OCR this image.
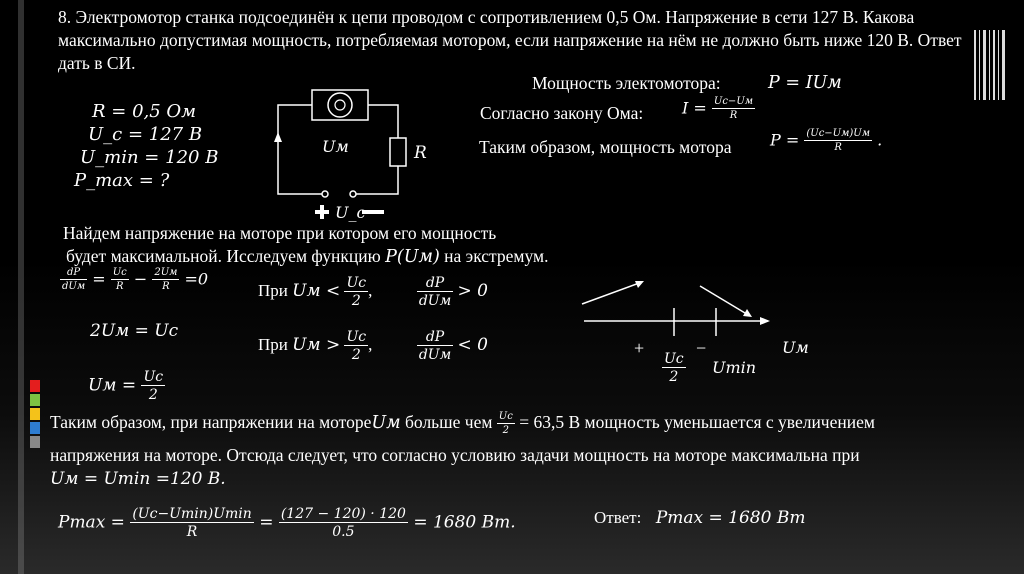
8. Электромотор станка подсоединён к цепи проводом с сопротивлением 0,5 Ом. Напряжение в сети 127 В. Какова максимально допустимая мощность, потребляемая мотором, если напряжение на нём не должно быть ниже 120 В. Ответ дать в СИ.
R = 0,5 Ом
U_c = 127 В
U_min = 120 В
P_max = ?
Uм	R
U_c
Мощность электомотора:	P = IUм
Согласно закону Ома: $I = \frac{Uc-Uм}{R}$
Таким образом, мощность мотора $P = \frac{(Uc-Uм)Uм}{R}$ .
Найдем напряжение на моторе при котором его мощность
будет максимальной. Исследуем функцию P(Uм) на экстремум.
$\frac{dP}{\text{dUм}} = \frac{Uc}{R} - \frac{2Uм}{R} =0$
2Uм = Uc
Uм = $\frac{Uc}{2}$
При Uм < $\frac{Uc}{2}$ ,	$\frac{dP}{\text{dUм}} > 0$
При Uм > $\frac{Uc}{2}$ ,	$\frac{dP}{\text{dUм}} < 0$	+	−
$\frac{Uc}{2}$ Umin
Uм
Таким образом, при напряжении на мотореUм больше чем $\frac{Uc}{2} = 63,5$ В мощность уменьшается с увеличением
напряжения на моторе. Отсюда следует, что согласно условию задачи мощность на моторе максимальна при
Uм = Umin =120 В.
$Pmax = \frac{(Uc-Umin)Umin}{R} = \frac{(127 - 120) \cdot 120}{0.5} = 1680$ Вт.	Ответ: Pmax = 1680 Вт
